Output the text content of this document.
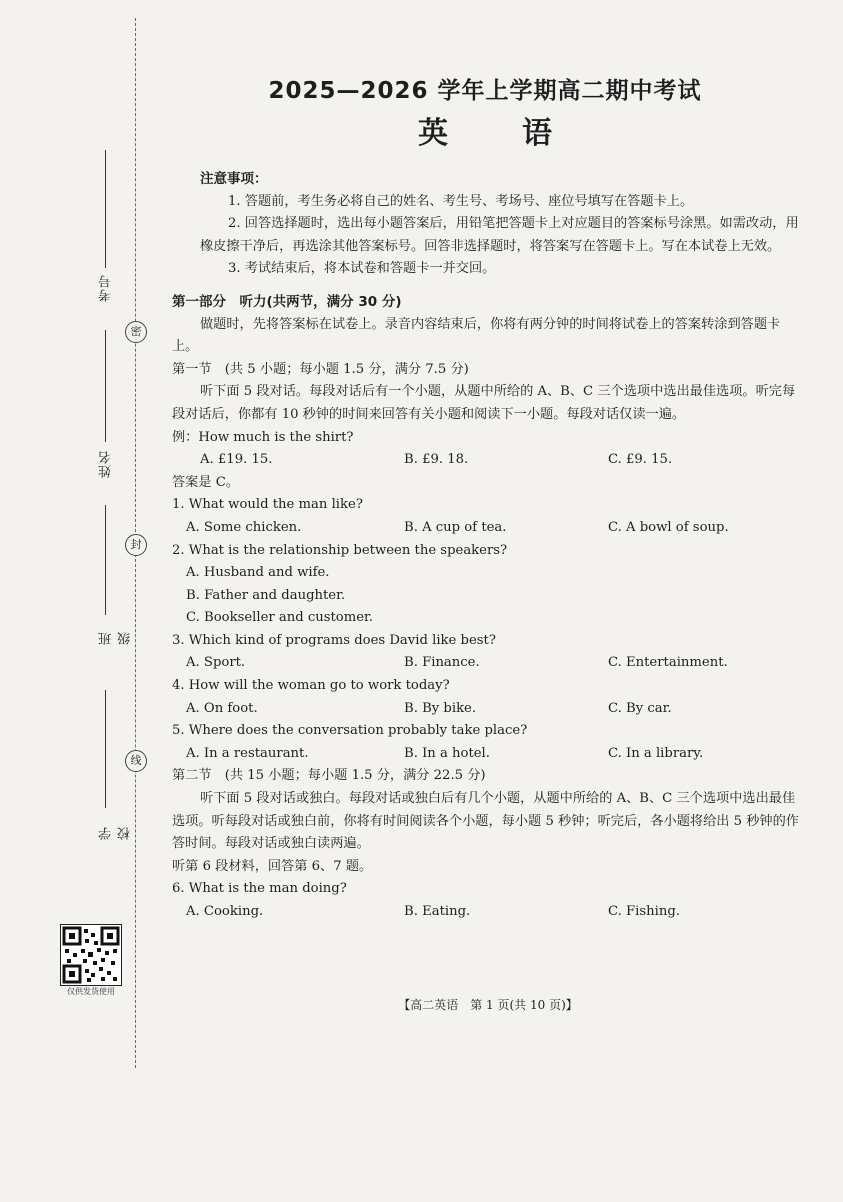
密
封
线
考号
姓名
班级
学校
仅供发货使用
2025—2026 学年上学期高二期中考试
英语

注意事项：

1. 答题前，考生务必将自己的姓名、考生号、考场号、座位号填写在答题卡上。

2. 回答选择题时，选出每小题答案后，用铅笔把答题卡上对应题目的答案标号涂黑。如需改动，用橡皮擦干净后，再选涂其他答案标号。回答非选择题时，将答案写在答题卡上。写在本试卷上无效。

3. 考试结束后，将本试卷和答题卡一并交回。

第一部分　听力(共两节，满分 30 分)

做题时，先将答案标在试卷上。录音内容结束后，你将有两分钟的时间将试卷上的答案转涂到答题卡上。

第一节　(共 5 小题；每小题 1.5 分，满分 7.5 分)

听下面 5 段对话。每段对话后有一个小题，从题中所给的 A、B、C 三个选项中选出最佳选项。听完每段对话后，你都有 10 秒钟的时间来回答有关小题和阅读下一小题。每段对话仅读一遍。

例：How much is the shirt?

A. £19. 15.	B. £9. 18.	C. £9. 15.

答案是 C。

1. What would the man like?

A. Some chicken.	B. A cup of tea.	C. A bowl of soup.

2. What is the relationship between the speakers?

A. Husband and wife.

B. Father and daughter.

C. Bookseller and customer.

3. Which kind of programs does David like best?

A. Sport.	B. Finance.	C. Entertainment.

4. How will the woman go to work today?

A. On foot.	B. By bike.	C. By car.

5. Where does the conversation probably take place?

A. In a restaurant.	B. In a hotel.	C. In a library.

第二节　(共 15 小题；每小题 1.5 分，满分 22.5 分)

听下面 5 段对话或独白。每段对话或独白后有几个小题，从题中所给的 A、B、C 三个选项中选出最佳选项。听每段对话或独白前，你将有时间阅读各个小题，每小题 5 秒钟；听完后，各小题将给出 5 秒钟的作答时间。每段对话或独白读两遍。

听第 6 段材料，回答第 6、7 题。

6. What is the man doing?

A. Cooking.	B. Eating.	C. Fishing.
【高二英语　第 1 页(共 10 页)】
